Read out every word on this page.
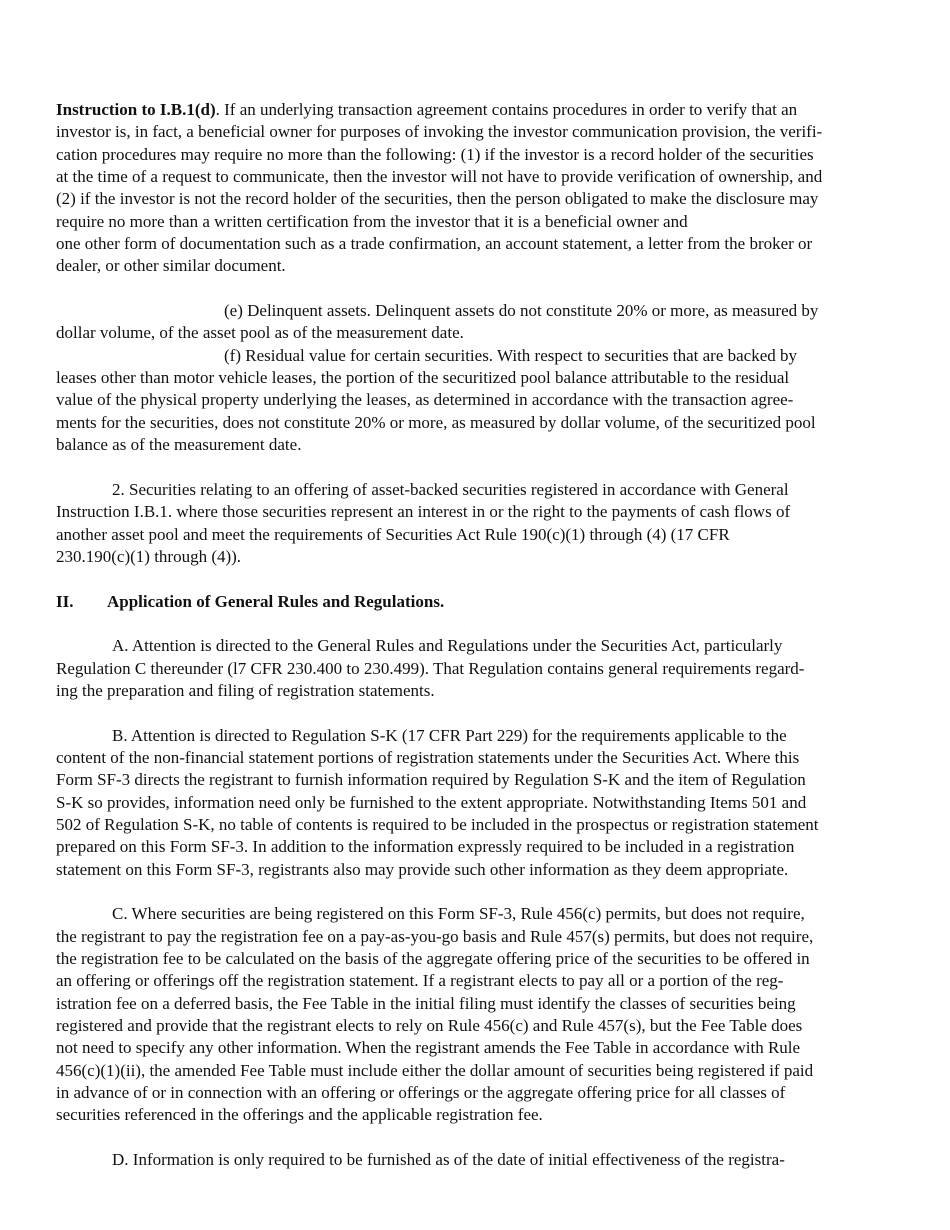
Instruction to I.B.1(d). If an underlying transaction agreement contains procedures in order to verify that an

investor is, in fact, a beneficial owner for purposes of invoking the investor communication provision, the verifi-

cation procedures may require no more than the following: (1) if the investor is a record holder of the securities

at the time of a request to communicate, then the investor will not have to provide verification of ownership, and

(2) if the investor is not the record holder of the securities, then the person obligated to make the disclosure may

require no more than a written certification from the investor that it is a beneficial owner and

one other form of documentation such as a trade confirmation, an account statement, a letter from the broker or

dealer, or other similar document.

(e) Delinquent assets. Delinquent assets do not constitute 20% or more, as measured by

dollar volume, of the asset pool as of the measurement date.

(f) Residual value for certain securities. With respect to securities that are backed by

leases other than motor vehicle leases, the portion of the securitized pool balance attributable to the residual

value of the physical property underlying the leases, as determined in accordance with the transaction agree-

ments for the securities, does not constitute 20% or more, as measured by dollar volume, of the securitized pool

balance as of the measurement date.

2. Securities relating to an offering of asset-backed securities registered in accordance with General

Instruction I.B.1. where those securities represent an interest in or the right to the payments of cash flows of

another asset pool and meet the requirements of Securities Act Rule 190(c)(1) through (4) (17 CFR

230.190(c)(1) through (4)).

II.	Application of General Rules and Regulations.

A. Attention is directed to the General Rules and Regulations under the Securities Act, particularly

Regulation C thereunder (l7 CFR 230.400 to 230.499). That Regulation contains general requirements regard-

ing the preparation and filing of registration statements.

B. Attention is directed to Regulation S-K (17 CFR Part 229) for the requirements applicable to the

content of the non-financial statement portions of registration statements under the Securities Act. Where this

Form SF-3 directs the registrant to furnish information required by Regulation S-K and the item of Regulation

S-K so provides, information need only be furnished to the extent appropriate. Notwithstanding Items 501 and

502 of Regulation S-K, no table of contents is required to be included in the prospectus or registration statement

prepared on this Form SF-3. In addition to the information expressly required to be included in a registration

statement on this Form SF-3, registrants also may provide such other information as they deem appropriate.

C. Where securities are being registered on this Form SF-3, Rule 456(c) permits, but does not require,

the registrant to pay the registration fee on a pay-as-you-go basis and Rule 457(s) permits, but does not require,

the registration fee to be calculated on the basis of the aggregate offering price of the securities to be offered in

an offering or offerings off the registration statement. If a registrant elects to pay all or a portion of the reg-

istration fee on a deferred basis, the Fee Table in the initial filing must identify the classes of securities being

registered and provide that the registrant elects to rely on Rule 456(c) and Rule 457(s), but the Fee Table does

not need to specify any other information. When the registrant amends the Fee Table in accordance with Rule

456(c)(1)(ii), the amended Fee Table must include either the dollar amount of securities being registered if paid

in advance of or in connection with an offering or offerings or the aggregate offering price for all classes of

securities referenced in the offerings and the applicable registration fee.

D. Information is only required to be furnished as of the date of initial effectiveness of the registra-
